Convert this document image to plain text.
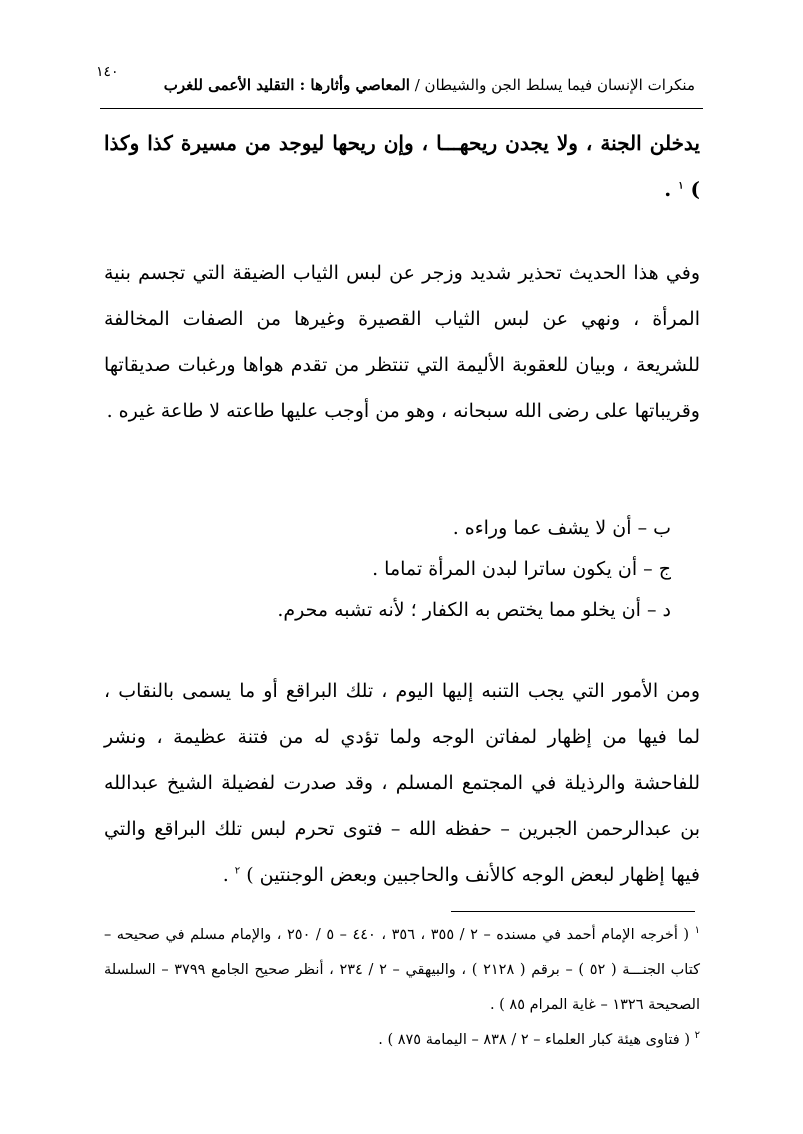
١٤٠
منكرات الإنسان فيما يسلط الجن والشيطان / المعاصي وأثارها : التقليد الأعمى للغرب
يدخلن الجنة ، ولا يجدن ريحهـــا ، وإن ريحها ليوجد من مسيرة كذا وكذا ) $^١$ .
وفي هذا الحديث تحذير شديد وزجر عن لبس الثياب الضيقة التي تجسم بنية المرأة ، ونهي عن لبس الثياب القصيرة وغيرها من الصفات المخالفة للشريعة ، وبيان للعقوبة الأليمة التي تنتظر من تقدم هواها ورغبات صديقاتها وقريباتها على رضى الله سبحانه ، وهو من أوجب عليها طاعته لا طاعة غيره .
ب – أن لا يشف عما وراءه .
ج – أن يكون ساترا لبدن المرأة تماما .
د – أن يخلو مما يختص به الكفار ؛ لأنه تشبه محرم.
ومن الأمور التي يجب التنبه إليها اليوم ، تلك البراقع أو ما يسمى بالنقاب ، لما فيها من إظهار لمفاتن الوجه ولما تؤدي له من فتنة عظيمة ، ونشر للفاحشة والرذيلة في المجتمع المسلم ، وقد صدرت لفضيلة الشيخ عبدالله بن عبدالرحمن الجبرين – حفظه الله – فتوى تحرم لبس تلك البراقع والتي فيها إظهار لبعض الوجه كالأنف والحاجبين وبعض الوجنتين ) $^٢$ .
$^١$ ( أخرجه الإمام أحمد في مسنده – ٢ / ٣٥٥ ، ٣٥٦ ، ٤٤٠ – ٥ / ٢٥٠ ، والإمام مسلم في صحيحه – كتاب الجنـــة ( ٥٢ ) – برقم ( ٢١٢٨ ) ، والبيهقي – ٢ / ٢٣٤ ، أنظر صحيح الجامع ٣٧٩٩ – السلسلة الصحيحة ١٣٢٦ – غاية المرام ٨٥ ) .
$^٢$ ( فتاوى هيئة كبار العلماء – ٢ / ٨٣٨ – اليمامة ٨٧٥ ) .
